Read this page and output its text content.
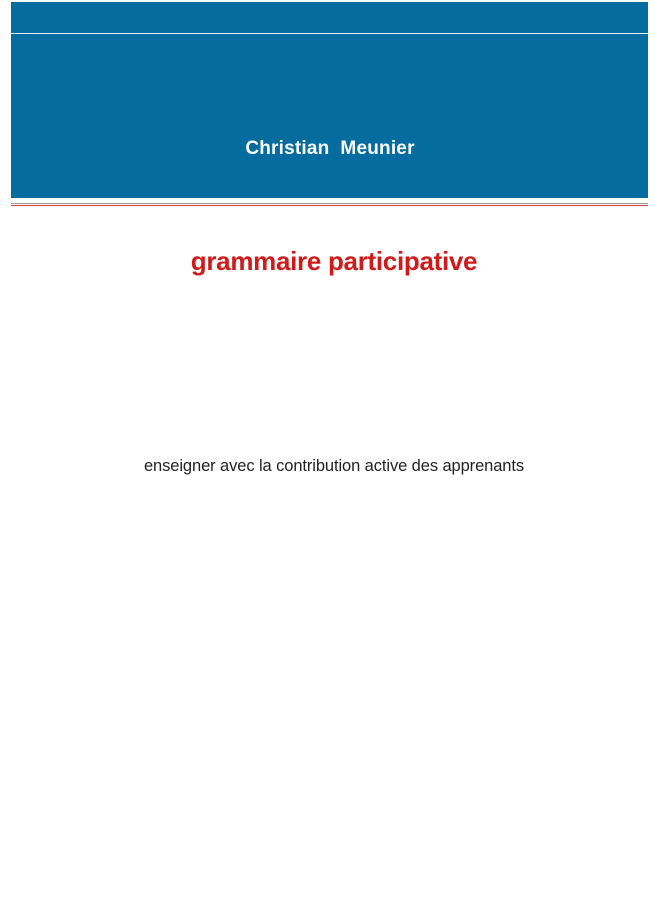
Christian  Meunier
grammaire participative
enseigner avec la contribution active des apprenants
